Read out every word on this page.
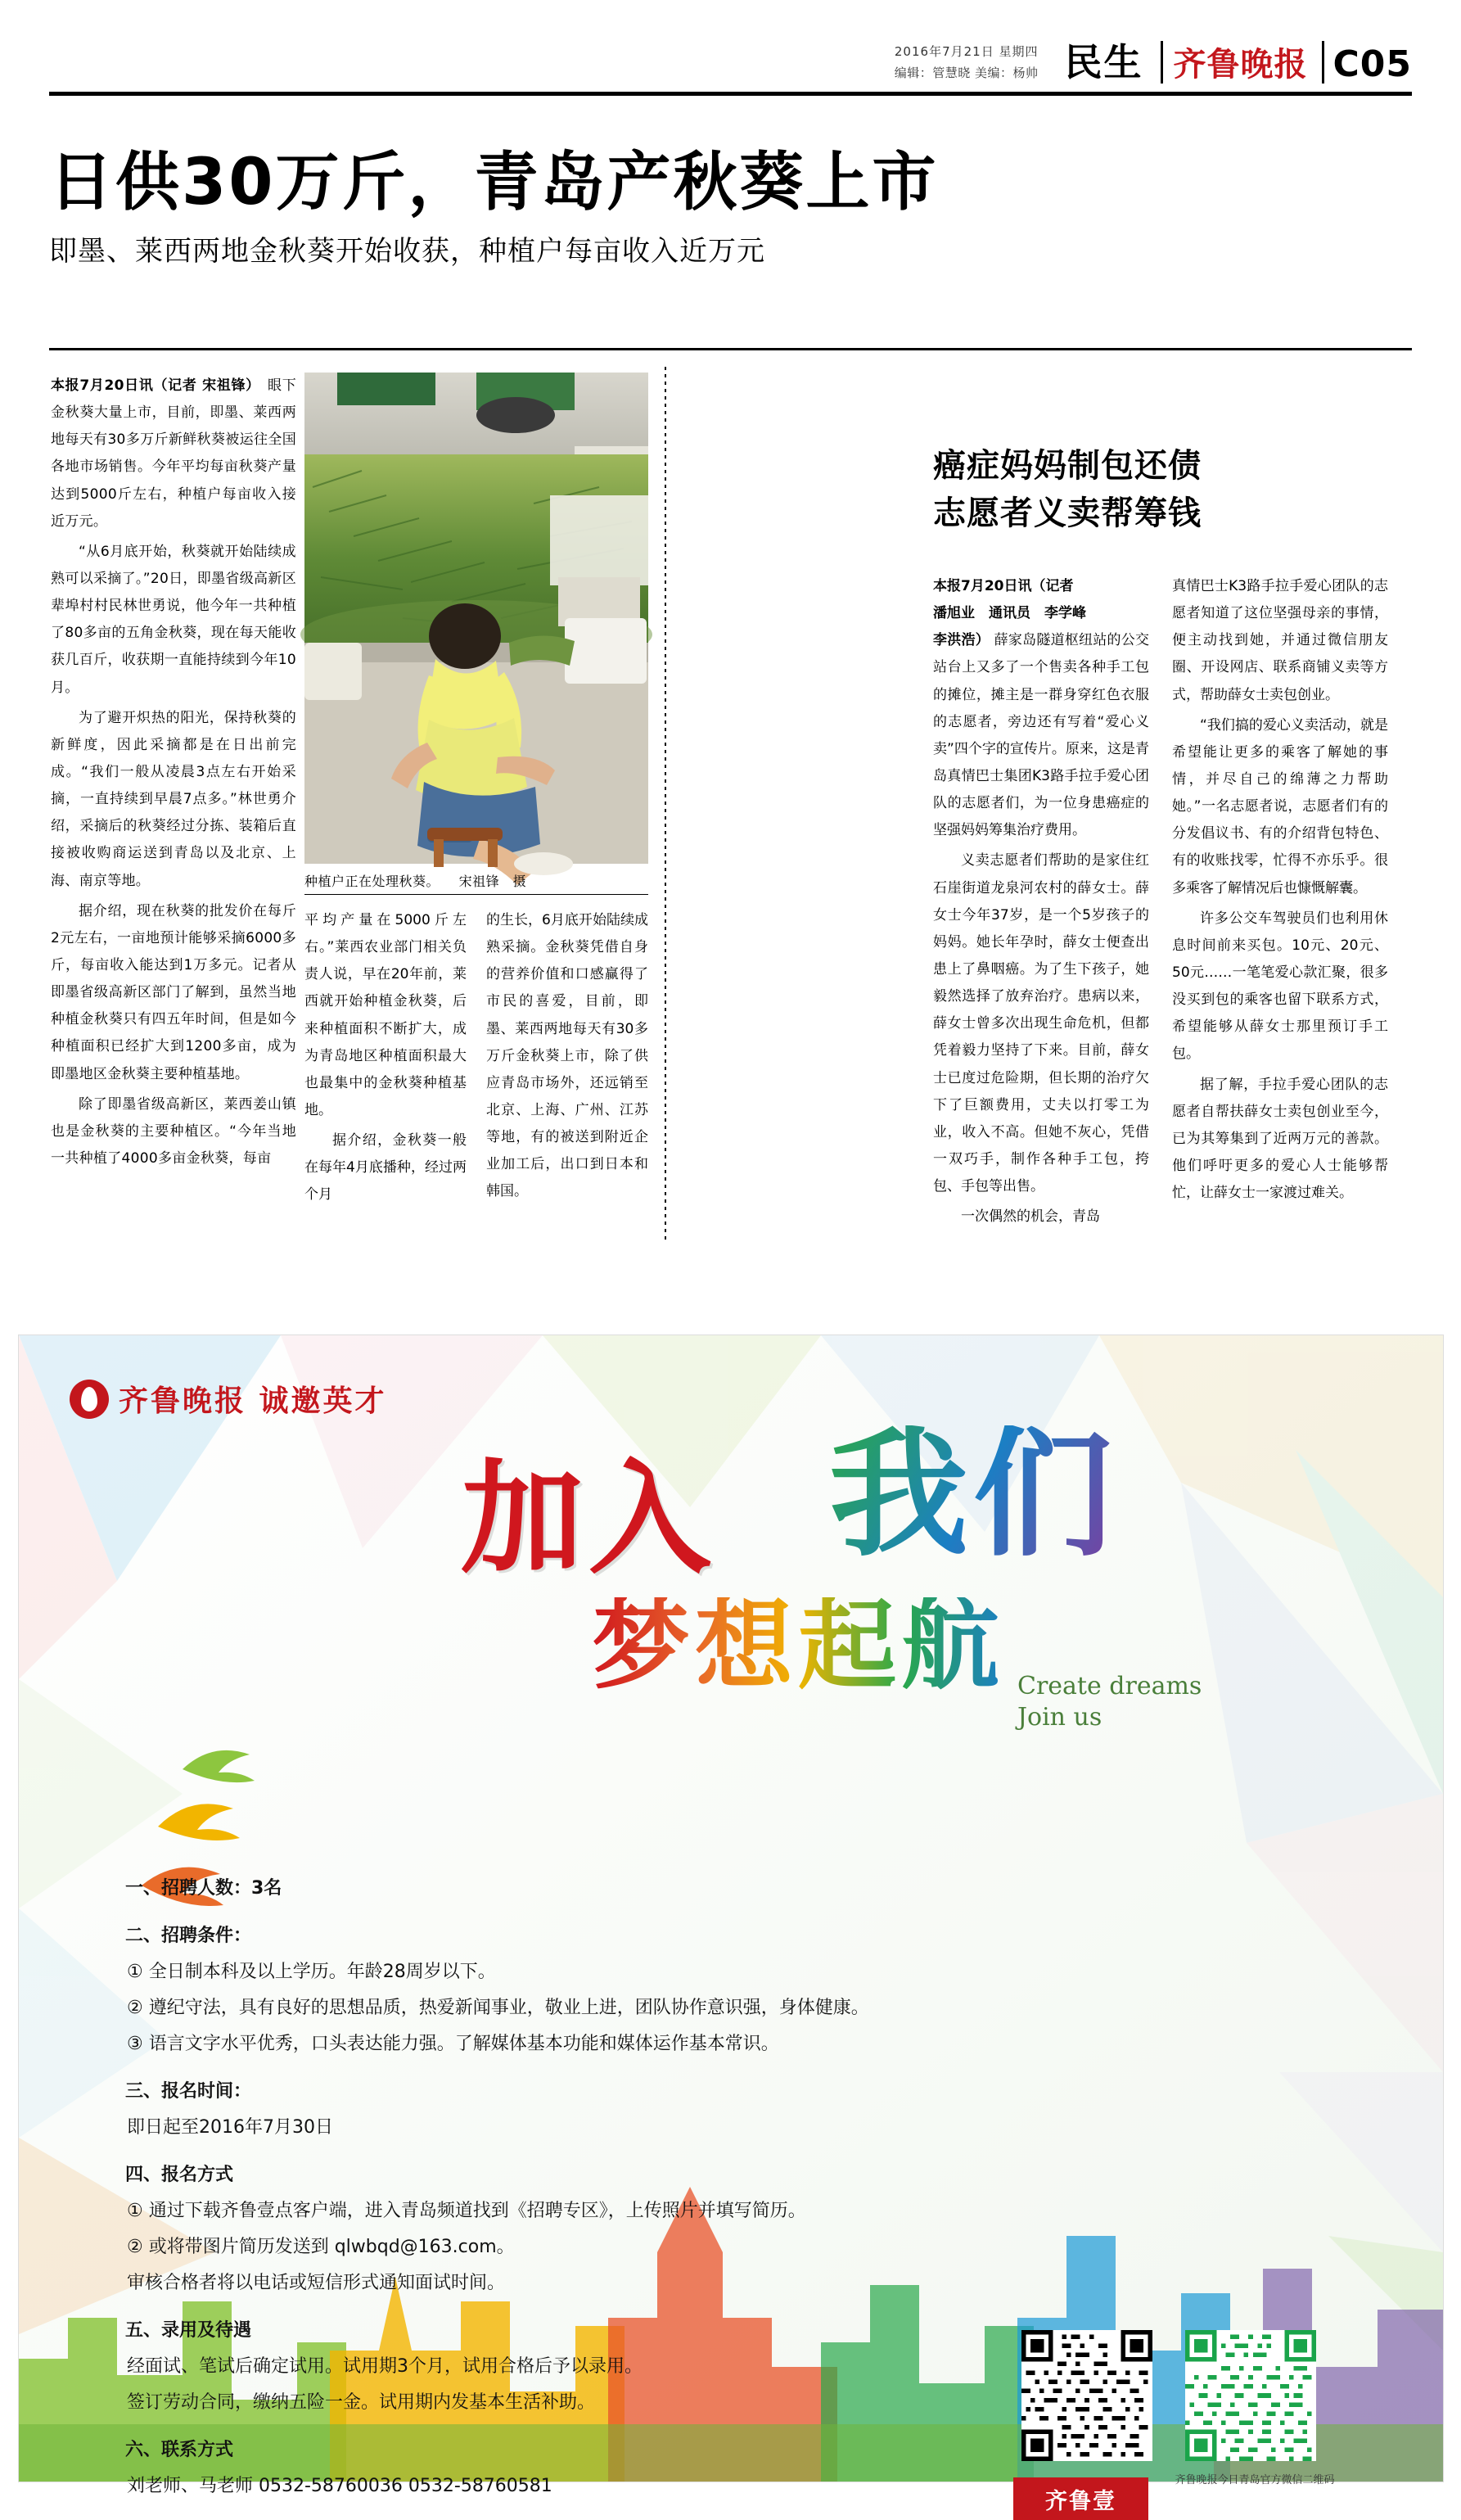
2016年7月21日 星期四
编辑：管慧晓 美编：杨帅 民生 齐鲁晚报 C05
日供30万斤，青岛产秋葵上市
即墨、莱西两地金秋葵开始收获，种植户每亩收入近万元

本报7月20日讯（记者 宋祖锋）　 眼下金秋葵大量上市，目前，即墨、莱西两地每天有30多万斤新鲜秋葵被运往全国各地市场销售。今年平均每亩秋葵产量达到5000斤左右，种植户每亩收入接近万元。

“从6月底开始，秋葵就开始陆续成熟可以采摘了。”20日，即墨省级高新区辈埠村村民林世勇说，他今年一共种植了80多亩的五角金秋葵，现在每天能收获几百斤，收获期一直能持续到今年10月。

为了避开炽热的阳光，保持秋葵的新鲜度，因此采摘都是在日出前完成。“我们一般从凌晨3点左右开始采摘，一直持续到早晨7点多。”林世勇介绍，采摘后的秋葵经过分拣、装箱后直接被收购商运送到青岛以及北京、上海、南京等地。

据介绍，现在秋葵的批发价在每斤2元左右，一亩地预计能够采摘6000多斤，每亩收入能达到1万多元。记者从即墨省级高新区部门了解到，虽然当地种植金秋葵只有四五年时间，但是如今种植面积已经扩大到1200多亩，成为即墨地区金秋葵主要种植基地。

除了即墨省级高新区，莱西姜山镇也是金秋葵的主要种植区。“今年当地一共种植了4000多亩金秋葵，每亩

种植户正在处理秋葵。 宋祖锋　摄

平均产量在5000斤左右。”莱西农业部门相关负责人说，早在20年前，莱西就开始种植金秋葵，后来种植面积不断扩大，成为青岛地区种植面积最大也最集中的金秋葵种植基地。

据介绍，金秋葵一般在每年4月底播种，经过两个月

的生长，6月底开始陆续成熟采摘。金秋葵凭借自身的营养价值和口感赢得了市民的喜爱，目前，即墨、莱西两地每天有30多万斤金秋葵上市，除了供应青岛市场外，还远销至北京、上海、广州、江苏等地，有的被送到附近企业加工后，出口到日本和韩国。

癌症妈妈制包还债
志愿者义卖帮筹钱

本报7月20日讯（记者
潘旭业　通讯员　李学峰
李洪浩） 薛家岛隧道枢纽站的公交站台上又多了一个售卖各种手工包的摊位，摊主是一群身穿红色衣服的志愿者，旁边还有写着“爱心义卖”四个字的宣传片。原来，这是青岛真情巴士集团K3路手拉手爱心团队的志愿者们，为一位身患癌症的坚强妈妈筹集治疗费用。

义卖志愿者们帮助的是家住红石崖街道龙泉河农村的薛女士。薛女士今年37岁，是一个5岁孩子的妈妈。她长年孕时，薛女士便查出患上了鼻咽癌。为了生下孩子，她毅然选择了放弃治疗。患病以来，薛女士曾多次出现生命危机，但都凭着毅力坚持了下来。目前，薛女士已度过危险期，但长期的治疗欠下了巨额费用，丈夫以打零工为业，收入不高。但她不灰心，凭借一双巧手，制作各种手工包，挎包、手包等出售。

一次偶然的机会，青岛

真情巴士K3路手拉手爱心团队的志愿者知道了这位坚强母亲的事情，便主动找到她，并通过微信朋友圈、开设网店、联系商铺义卖等方式，帮助薛女士卖包创业。

“我们搞的爱心义卖活动，就是希望能让更多的乘客了解她的事情，并尽自己的绵薄之力帮助她。”一名志愿者说，志愿者们有的分发倡议书、有的介绍背包特色、有的收账找零，忙得不亦乐乎。很多乘客了解情况后也慷慨解囊。

许多公交车驾驶员们也利用休息时间前来买包。10元、20元、50元……一笔笔爱心款汇聚，很多没买到包的乘客也留下联系方式，希望能够从薛女士那里预订手工包。

据了解，手拉手爱心团队的志愿者自帮扶薛女士卖包创业至今，已为其筹集到了近两万元的善款。他们呼吁更多的爱心人士能够帮忙，让薛女士一家渡过难关。

齐鲁晚报 诚邀英才
加入 我们
梦想起航 Create dreams
Join us
一、招聘人数：3名
二、招聘条件：
① 全日制本科及以上学历。年龄28周岁以下。
② 遵纪守法，具有良好的思想品质，热爱新闻事业，敬业上进，团队协作意识强，身体健康。
③ 语言文字水平优秀，口头表达能力强。了解媒体基本功能和媒体运作基本常识。
三、报名时间：
即日起至2016年7月30日
四、报名方式
① 通过下载齐鲁壹点客户端，进入青岛频道找到《招聘专区》，上传照片并填写简历。
② 或将带图片简历发送到 qlwbqd@163.com。
审核合格者将以电话或短信形式通知面试时间。
五、录用及待遇
经面试、笔试后确定试用。试用期3个月，试用合格后予以录用。
签订劳动合同，缴纳五险一金。试用期内发基本生活补助。
六、联系方式
刘老师、马老师 0532-58760036 0532-58760581
齐鲁壹
齐鲁晚报今日青岛官方微信二维码
